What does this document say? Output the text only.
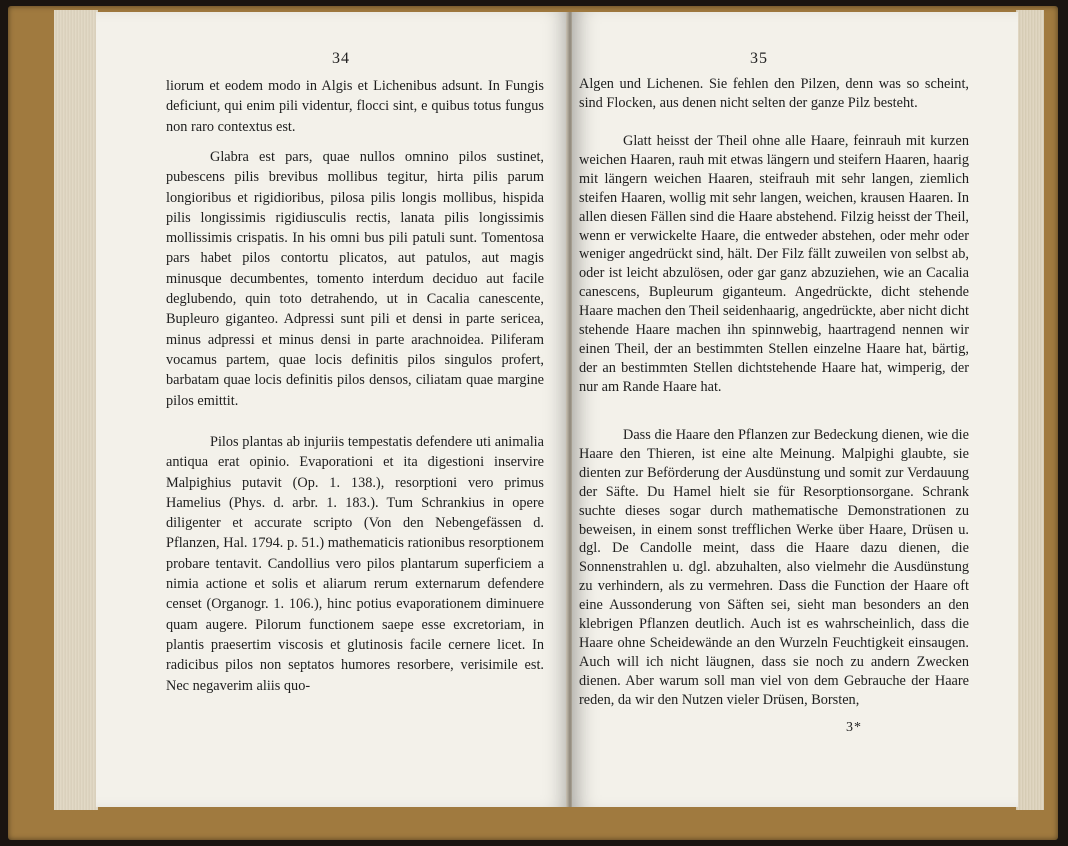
34

liorum et eodem modo in Algis et Lichenibus adsunt. In Fungis deficiunt, qui enim pili videntur, flocci sint, e quibus totus fungus non raro contextus est.

Glabra est pars, quae nullos omnino pilos sustinet, pubescens pilis brevibus mollibus tegitur, hirta pilis parum longioribus et rigidioribus, pilosa pilis longis mollibus, hispida pilis longissimis rigidiusculis rectis, lanata pilis longissimis mollissimis crispatis. In his omni bus pili patuli sunt. Tomentosa pars habet pilos contortu plicatos, aut patulos, aut magis minusque decumbentes, tomento interdum deciduo aut facile deglubendo, quin toto detrahendo, ut in Cacalia canescente, Bupleuro giganteo. Adpressi sunt pili et densi in parte sericea, minus adpressi et minus densi in parte arachnoidea. Piliferam vocamus partem, quae locis definitis pilos singulos profert, barbatam quae locis definitis pilos densos, ciliatam quae margine pilos emittit.

Pilos plantas ab injuriis tempestatis defendere uti animalia antiqua erat opinio. Evaporationi et ita digestioni inservire Malpighius putavit (Op. 1. 138.), resorptioni vero primus Hamelius (Phys. d. arbr. 1. 183.). Tum Schrankius in opere diligenter et accurate scripto (Von den Nebengefässen d. Pflanzen, Hal. 1794. p. 51.) mathematicis rationibus resorptionem probare tentavit. Candollius vero pilos plantarum superficiem a nimia actione et solis et aliarum rerum externarum defendere censet (Organogr. 1. 106.), hinc potius evaporationem diminuere quam augere. Pilorum functionem saepe esse excretoriam, in plantis praesertim viscosis et glutinosis facile cernere licet. In radicibus pilos non septatos humores resorbere, verisimile est. Nec negaverim aliis quo-

35

Algen und Lichenen. Sie fehlen den Pilzen, denn was so scheint, sind Flocken, aus denen nicht selten der ganze Pilz besteht.

Glatt heisst der Theil ohne alle Haare, feinrauh mit kurzen weichen Haaren, rauh mit etwas längern und steifern Haaren, haarig mit längern weichen Haaren, steifrauh mit sehr langen, ziemlich steifen Haaren, wollig mit sehr langen, weichen, krausen Haaren. In allen diesen Fällen sind die Haare abstehend. Filzig heisst der Theil, wenn er verwickelte Haare, die entweder abstehen, oder mehr oder weniger angedrückt sind, hält. Der Filz fällt zuweilen von selbst ab, oder ist leicht abzulösen, oder gar ganz abzuziehen, wie an Cacalia canescens, Bupleurum giganteum. Angedrückte, dicht stehende Haare machen den Theil seidenhaarig, angedrückte, aber nicht dicht stehende Haare machen ihn spinnwebig, haartragend nennen wir einen Theil, der an bestimmten Stellen einzelne Haare hat, bärtig, der an bestimmten Stellen dichtstehende Haare hat, wimperig, der nur am Rande Haare hat.

Dass die Haare den Pflanzen zur Bedeckung dienen, wie die Haare den Thieren, ist eine alte Meinung. Malpighi glaubte, sie dienten zur Beförderung der Ausdünstung und somit zur Verdauung der Säfte. Du Hamel hielt sie für Resorptionsorgane. Schrank suchte dieses sogar durch mathematische Demonstrationen zu beweisen, in einem sonst trefflichen Werke über Haare, Drüsen u. dgl. De Candolle meint, dass die Haare dazu dienen, die Sonnenstrahlen u. dgl. abzuhalten, also vielmehr die Ausdünstung zu verhindern, als zu vermehren. Dass die Function der Haare oft eine Aussonderung von Säften sei, sieht man besonders an den klebrigen Pflanzen deutlich. Auch ist es wahrscheinlich, dass die Haare ohne Scheidewände an den Wurzeln Feuchtigkeit einsaugen. Auch will ich nicht läugnen, dass sie noch zu andern Zwecken dienen. Aber warum soll man viel von dem Gebrauche der Haare reden, da wir den Nutzen vieler Drüsen, Borsten,

3*
